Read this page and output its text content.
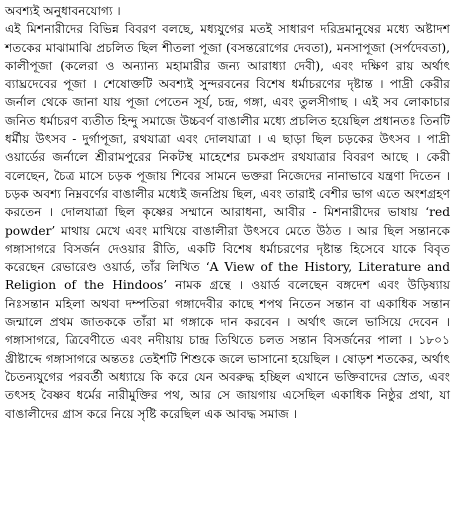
অবশ্যই অনুধাবনযোগ্য ।

এই মিশনারীদের বিভিন্ন বিবরণ বলছে, মধ্যযুগের মতই সাধারণ দরিদ্রমানুষের মধ্যে অষ্টাদশ শতকের মাঝামাঝি প্রচলিত ছিল শীতলা পূজা (বসন্তরোগের দেবতা), মনসাপূজা (সর্পদেবতা), কালীপূজা (কলেরা ও অন্যান্য মহামারীর জন্য আরাধ্যা দেবী), এবং দক্ষিণ রায় অর্থাৎ ব্যাঘ্রদেবের পূজা । শেষোক্তটি অবশ্যই সুন্দরবনের বিশেষ ধর্মাচরণের দৃষ্টান্ত । পাদ্রী কেরীর জর্নাল থেকে জানা যায় পূজা পেতেন সূর্য, চন্দ্র, গঙ্গা, এবং তুলসীগাছ । এই সব লোকাচার জনিত ধর্মাচরণ ব্যতীত হিন্দু সমাজে উচ্চবর্ণ বাঙালীর মধ্যে প্রচলিত হয়েছিল প্রধানতঃ তিনটি ধর্মীয় উৎসব - দুর্গাপূজা, রথযাত্রা এবং দোলযাত্রা । এ ছাড়া ছিল চড়কের উৎসব । পাদ্রী ওয়ার্ডের জর্নালে শ্রীরামপুরের নিকটস্থ মাহেশের চমকপ্রদ রথযাত্রার বিবরণ আছে । কেরী বলেছেন, চৈত্র মাসে চড়ক পূজায় শিবের সামনে ভক্তরা নিজেদের নানাভাবে যন্ত্রণা দিতেন । চড়ক অবশ্য নিম্নবর্ণের বাঙালীর মধ্যেই জনপ্রিয় ছিল, এবং তারাই বেশীর ভাগ এতে অংশগ্রহণ করতেন । দোলযাত্রা ছিল কৃষ্ণের সম্মানে আরাধনা, আবীর - মিশনারীদের ভাষায় ‘red powder’ মাথায় মেখে এবং মাখিয়ে বাঙালীরা উৎসবে মেতে উঠত । আর ছিল সন্তানকে গঙ্গাসাগরে বিসর্জন দেওয়ার রীতি, একটি বিশেষ ধর্মাচরণের দৃষ্টান্ত হিসেবে যাকে বিবৃত করেছেন রেভারেণ্ড ওয়ার্ড, তাঁর লিখিত ‘A View of the History, Literature and Religion of the Hindoos’ নামক গ্রন্থে । ওয়ার্ড বলেছেন বঙ্গদেশ এবং উড়িষ্যায় নিঃসন্তান মহিলা অথবা দম্পতিরা গঙ্গাদেবীর কাছে শপথ নিতেন সন্তান বা একাধিক সন্তান জন্মালে প্রথম জাতককে তাঁরা মা গঙ্গাকে দান করবেন । অর্থাৎ জলে ভাসিয়ে দেবেন । গঙ্গাসাগরে, ত্রিবেণীতে এবং নদীয়ায় চান্দ্র তিথিতে চলত সন্তান বিসর্জনের পালা । ১৮০১ খ্রীষ্টাব্দে গঙ্গাসাগরে অন্ততঃ তেইশটি শিশুকে জলে ভাসানো হয়েছিল । ষোড়শ শতকের, অর্থাৎ চৈতন্যযুগের পরবর্তী অধ্যায়ে কি করে যেন অবরুদ্ধ হচ্ছিল এখানে ভক্তিবাদের স্রোত, এবং তৎসহ বৈষ্ণব ধর্মের নারীমুক্তির পথ, আর সে জায়গায় এসেছিল একাধিক নিষ্ঠুর প্রথা, যা বাঙালীদের গ্রাস করে নিয়ে সৃষ্টি করেছিল এক আবদ্ধ সমাজ ।
